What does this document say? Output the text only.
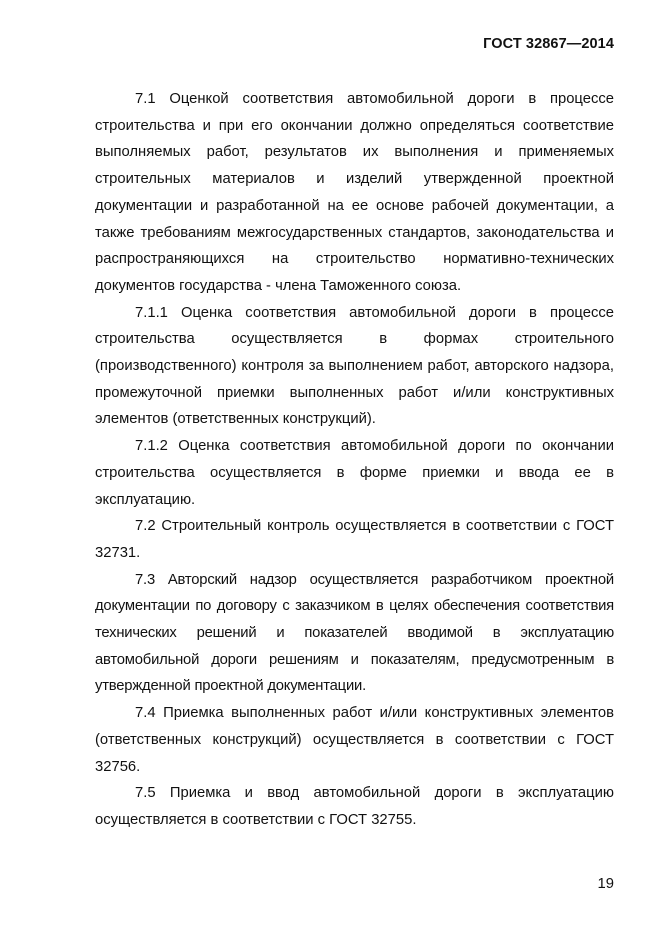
ГОСТ 32867—2014

7.1 Оценкой соответствия автомобильной дороги в процессе строительства и при его окончании должно определяться соответствие выполняемых работ, результатов их выполнения и применяемых строительных материалов и изделий утвержденной проектной документации и разработанной на ее основе рабочей документации, а также требованиям межгосударственных стандартов, законодательства и распространяющихся на строительство нормативно-технических документов государства - члена Таможенного союза.

7.1.1 Оценка соответствия автомобильной дороги в процессе строительства осуществляется в формах строительного (производственного) контроля за выполнением работ, авторского надзора, промежуточной приемки выполненных работ и/или конструктивных элементов (ответственных конструкций).

7.1.2 Оценка соответствия автомобильной дороги по окончании строительства осуществляется в форме приемки и ввода ее в эксплуатацию.

7.2 Строительный контроль осуществляется в соответствии с ГОСТ 32731.

7.3 Авторский надзор осуществляется разработчиком проектной документации по договору с заказчиком в целях обеспечения соответствия технических решений и показателей вводимой в эксплуатацию автомобильной дороги решениям и показателям, предусмотренным в утвержденной проектной документации.

7.4 Приемка выполненных работ и/или конструктивных элементов (ответственных конструкций) осуществляется в соответствии с ГОСТ 32756.

7.5 Приемка и ввод автомобильной дороги в эксплуатацию осуществляется в соответствии с ГОСТ 32755.

19
